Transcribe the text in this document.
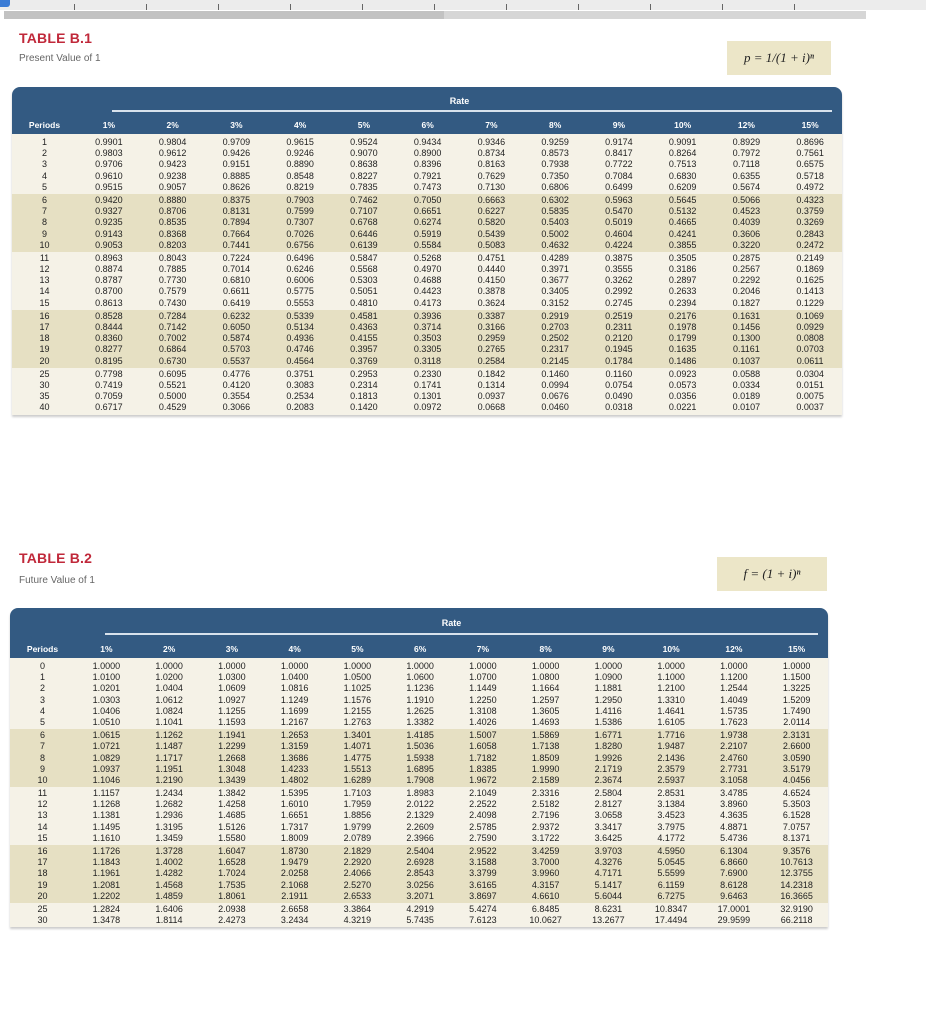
TABLE B.1
Present Value of 1	p = 1/(1 + i)ⁿ
Rate
Periods	1%	2%	3%	4%	5%	6%	7%	8%	9%	10%	12%	15%
1	0.9901	0.9804	0.9709	0.9615	0.9524	0.9434	0.9346	0.9259	0.9174	0.9091	0.8929	0.8696
2	0.9803	0.9612	0.9426	0.9246	0.9070	0.8900	0.8734	0.8573	0.8417	0.8264	0.7972	0.7561
3	0.9706	0.9423	0.9151	0.8890	0.8638	0.8396	0.8163	0.7938	0.7722	0.7513	0.7118	0.6575
4	0.9610	0.9238	0.8885	0.8548	0.8227	0.7921	0.7629	0.7350	0.7084	0.6830	0.6355	0.5718
5	0.9515	0.9057	0.8626	0.8219	0.7835	0.7473	0.7130	0.6806	0.6499	0.6209	0.5674	0.4972
6	0.9420	0.8880	0.8375	0.7903	0.7462	0.7050	0.6663	0.6302	0.5963	0.5645	0.5066	0.4323
7	0.9327	0.8706	0.8131	0.7599	0.7107	0.6651	0.6227	0.5835	0.5470	0.5132	0.4523	0.3759
8	0.9235	0.8535	0.7894	0.7307	0.6768	0.6274	0.5820	0.5403	0.5019	0.4665	0.4039	0.3269
9	0.9143	0.8368	0.7664	0.7026	0.6446	0.5919	0.5439	0.5002	0.4604	0.4241	0.3606	0.2843
10	0.9053	0.8203	0.7441	0.6756	0.6139	0.5584	0.5083	0.4632	0.4224	0.3855	0.3220	0.2472
11	0.8963	0.8043	0.7224	0.6496	0.5847	0.5268	0.4751	0.4289	0.3875	0.3505	0.2875	0.2149
12	0.8874	0.7885	0.7014	0.6246	0.5568	0.4970	0.4440	0.3971	0.3555	0.3186	0.2567	0.1869
13	0.8787	0.7730	0.6810	0.6006	0.5303	0.4688	0.4150	0.3677	0.3262	0.2897	0.2292	0.1625
14	0.8700	0.7579	0.6611	0.5775	0.5051	0.4423	0.3878	0.3405	0.2992	0.2633	0.2046	0.1413
15	0.8613	0.7430	0.6419	0.5553	0.4810	0.4173	0.3624	0.3152	0.2745	0.2394	0.1827	0.1229
16	0.8528	0.7284	0.6232	0.5339	0.4581	0.3936	0.3387	0.2919	0.2519	0.2176	0.1631	0.1069
17	0.8444	0.7142	0.6050	0.5134	0.4363	0.3714	0.3166	0.2703	0.2311	0.1978	0.1456	0.0929
18	0.8360	0.7002	0.5874	0.4936	0.4155	0.3503	0.2959	0.2502	0.2120	0.1799	0.1300	0.0808
19	0.8277	0.6864	0.5703	0.4746	0.3957	0.3305	0.2765	0.2317	0.1945	0.1635	0.1161	0.0703
20	0.8195	0.6730	0.5537	0.4564	0.3769	0.3118	0.2584	0.2145	0.1784	0.1486	0.1037	0.0611
25	0.7798	0.6095	0.4776	0.3751	0.2953	0.2330	0.1842	0.1460	0.1160	0.0923	0.0588	0.0304
30	0.7419	0.5521	0.4120	0.3083	0.2314	0.1741	0.1314	0.0994	0.0754	0.0573	0.0334	0.0151
35	0.7059	0.5000	0.3554	0.2534	0.1813	0.1301	0.0937	0.0676	0.0490	0.0356	0.0189	0.0075
40	0.6717	0.4529	0.3066	0.2083	0.1420	0.0972	0.0668	0.0460	0.0318	0.0221	0.0107	0.0037
TABLE B.2
Future Value of 1	f = (1 + i)ⁿ
Rate
Periods	1%	2%	3%	4%	5%	6%	7%	8%	9%	10%	12%	15%
0	1.0000	1.0000	1.0000	1.0000	1.0000	1.0000	1.0000	1.0000	1.0000	1.0000	1.0000	1.0000
1	1.0100	1.0200	1.0300	1.0400	1.0500	1.0600	1.0700	1.0800	1.0900	1.1000	1.1200	1.1500
2	1.0201	1.0404	1.0609	1.0816	1.1025	1.1236	1.1449	1.1664	1.1881	1.2100	1.2544	1.3225
3	1.0303	1.0612	1.0927	1.1249	1.1576	1.1910	1.2250	1.2597	1.2950	1.3310	1.4049	1.5209
4	1.0406	1.0824	1.1255	1.1699	1.2155	1.2625	1.3108	1.3605	1.4116	1.4641	1.5735	1.7490
5	1.0510	1.1041	1.1593	1.2167	1.2763	1.3382	1.4026	1.4693	1.5386	1.6105	1.7623	2.0114
6	1.0615	1.1262	1.1941	1.2653	1.3401	1.4185	1.5007	1.5869	1.6771	1.7716	1.9738	2.3131
7	1.0721	1.1487	1.2299	1.3159	1.4071	1.5036	1.6058	1.7138	1.8280	1.9487	2.2107	2.6600
8	1.0829	1.1717	1.2668	1.3686	1.4775	1.5938	1.7182	1.8509	1.9926	2.1436	2.4760	3.0590
9	1.0937	1.1951	1.3048	1.4233	1.5513	1.6895	1.8385	1.9990	2.1719	2.3579	2.7731	3.5179
10	1.1046	1.2190	1.3439	1.4802	1.6289	1.7908	1.9672	2.1589	2.3674	2.5937	3.1058	4.0456
11	1.1157	1.2434	1.3842	1.5395	1.7103	1.8983	2.1049	2.3316	2.5804	2.8531	3.4785	4.6524
12	1.1268	1.2682	1.4258	1.6010	1.7959	2.0122	2.2522	2.5182	2.8127	3.1384	3.8960	5.3503
13	1.1381	1.2936	1.4685	1.6651	1.8856	2.1329	2.4098	2.7196	3.0658	3.4523	4.3635	6.1528
14	1.1495	1.3195	1.5126	1.7317	1.9799	2.2609	2.5785	2.9372	3.3417	3.7975	4.8871	7.0757
15	1.1610	1.3459	1.5580	1.8009	2.0789	2.3966	2.7590	3.1722	3.6425	4.1772	5.4736	8.1371
16	1.1726	1.3728	1.6047	1.8730	2.1829	2.5404	2.9522	3.4259	3.9703	4.5950	6.1304	9.3576
17	1.1843	1.4002	1.6528	1.9479	2.2920	2.6928	3.1588	3.7000	4.3276	5.0545	6.8660	10.7613
18	1.1961	1.4282	1.7024	2.0258	2.4066	2.8543	3.3799	3.9960	4.7171	5.5599	7.6900	12.3755
19	1.2081	1.4568	1.7535	2.1068	2.5270	3.0256	3.6165	4.3157	5.1417	6.1159	8.6128	14.2318
20	1.2202	1.4859	1.8061	2.1911	2.6533	3.2071	3.8697	4.6610	5.6044	6.7275	9.6463	16.3665
25	1.2824	1.6406	2.0938	2.6658	3.3864	4.2919	5.4274	6.8485	8.6231	10.8347	17.0001	32.9190
30	1.3478	1.8114	2.4273	3.2434	4.3219	5.7435	7.6123	10.0627	13.2677	17.4494	29.9599	66.2118
